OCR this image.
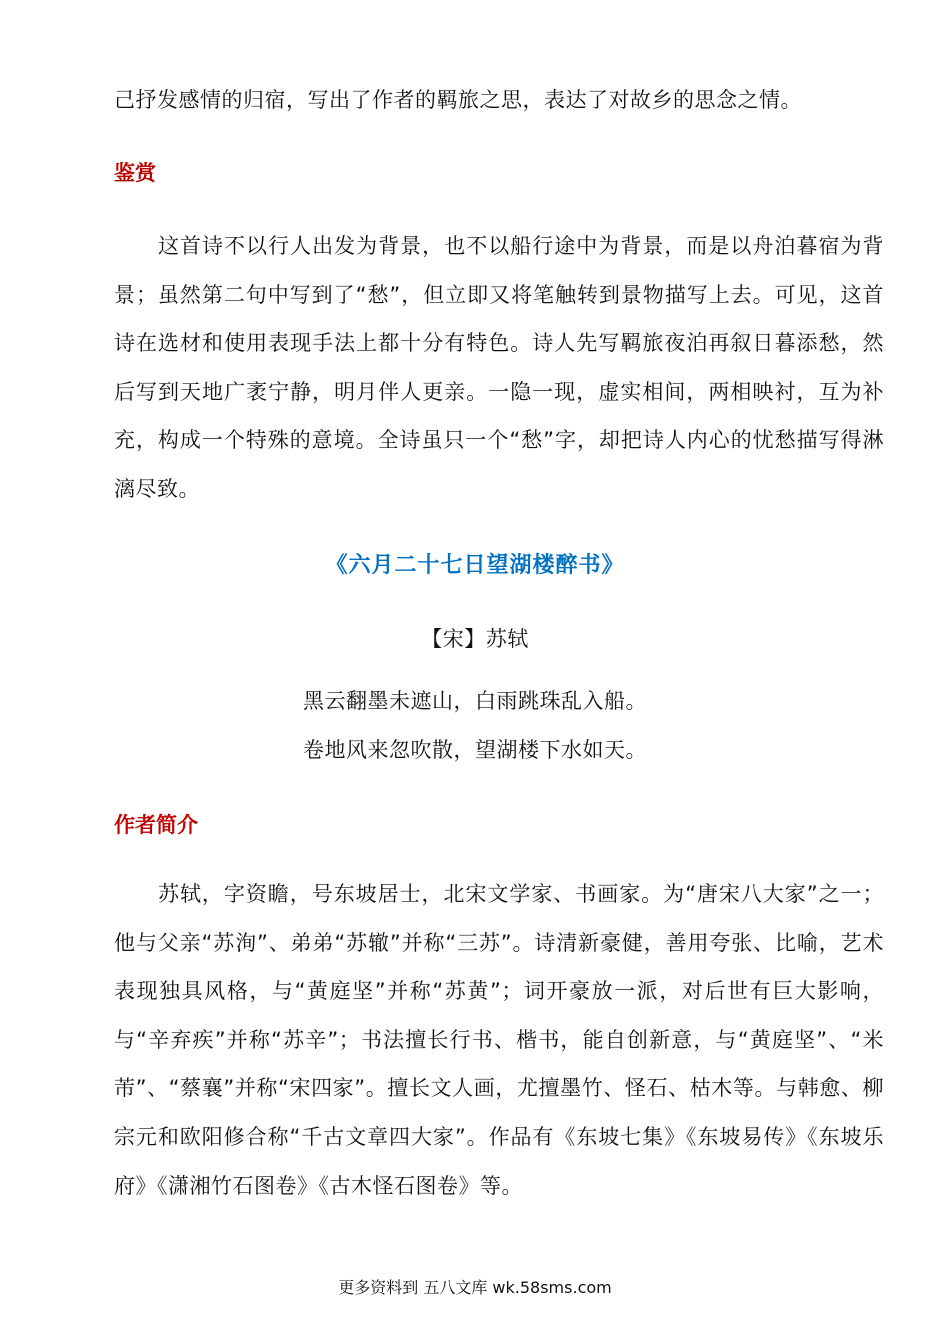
己抒发感情的归宿，写出了作者的羁旅之思，表达了对故乡的思念之情。

鉴赏

这首诗不以行人出发为背景，也不以船行途中为背景，而是以舟泊暮宿为背景；虽然第二句中写到了“愁”，但立即又将笔触转到景物描写上去。可见，这首诗在选材和使用表现手法上都十分有特色。诗人先写羁旅夜泊再叙日暮添愁，然后写到天地广袤宁静，明月伴人更亲。一隐一现，虚实相间，两相映衬，互为补充，构成一个特殊的意境。全诗虽只一个“愁”字，却把诗人内心的忧愁描写得淋漓尽致。

《六月二十七日望湖楼醉书》

【宋】苏轼

黑云翻墨未遮山，白雨跳珠乱入船。

卷地风来忽吹散，望湖楼下水如天。

作者简介

苏轼，字资瞻，号东坡居士，北宋文学家、书画家。为“唐宋八大家”之一；他与父亲“苏洵”、弟弟“苏辙”并称“三苏”。诗清新豪健，善用夸张、比喻，艺术表现独具风格，与“黄庭坚”并称“苏黄”；词开豪放一派，对后世有巨大影响，与“辛弃疾”并称“苏辛”；书法擅长行书、楷书，能自创新意，与“黄庭坚”、“米芾”、“蔡襄”并称“宋四家”。擅长文人画，尤擅墨竹、怪石、枯木等。与韩愈、柳宗元和欧阳修合称“千古文章四大家”。作品有《东坡七集》《东坡易传》《东坡乐府》《潇湘竹石图卷》《古木怪石图卷》等。

更多资料到 五八文库 wk.58sms.com
